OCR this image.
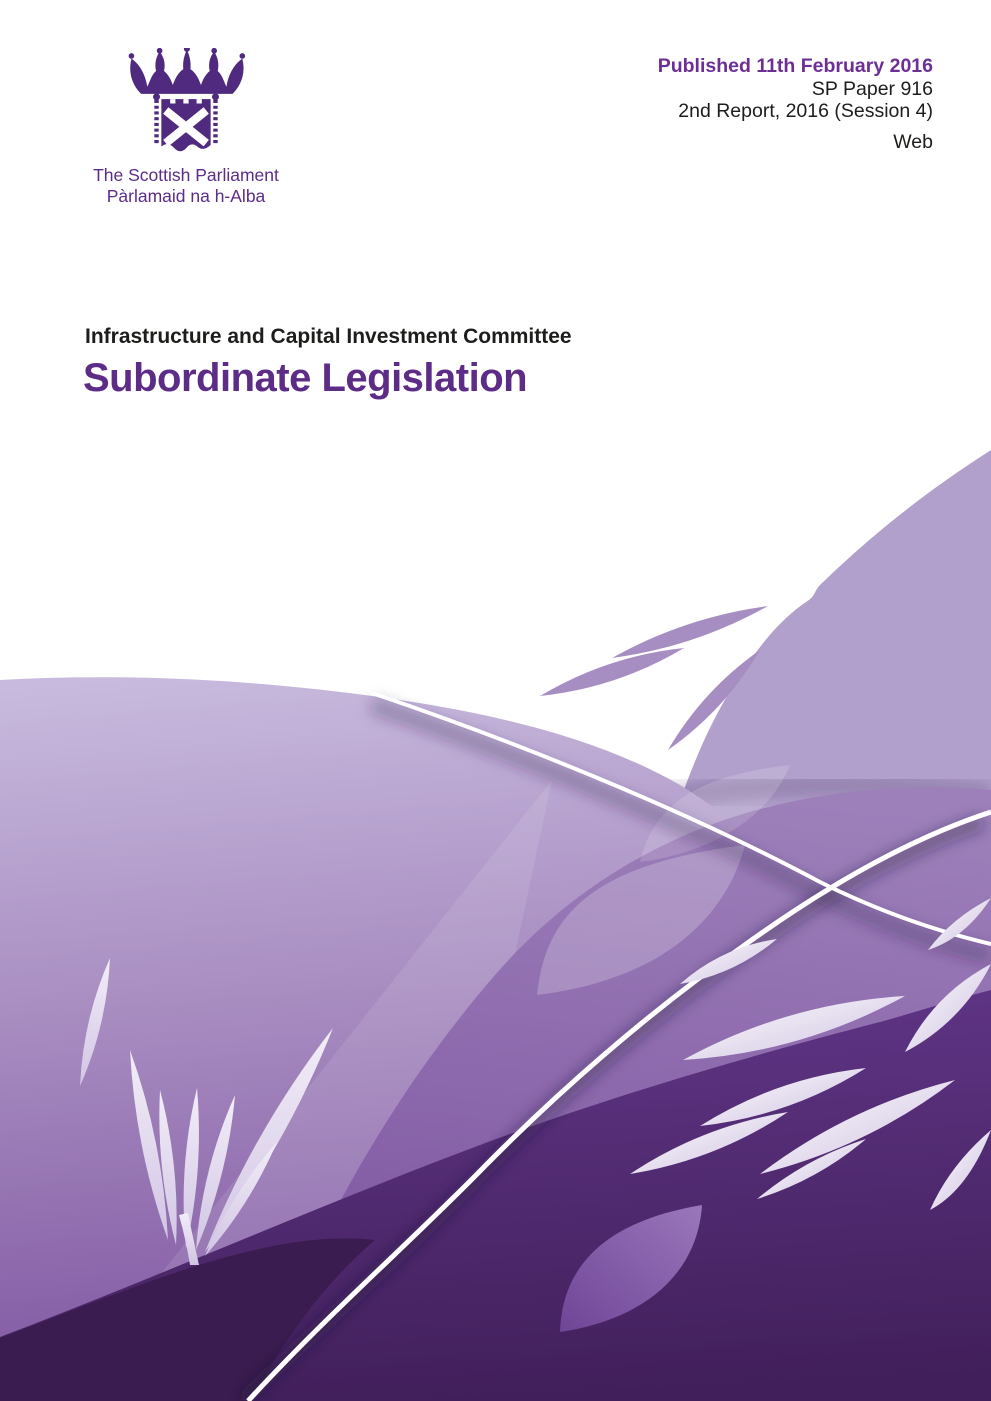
The Scottish Parliament
Pàrlamaid na h-Alba
Published 11th February 2016
SP Paper 916
2nd Report, 2016 (Session 4)
Web
Infrastructure and Capital Investment Committee
Subordinate Legislation
